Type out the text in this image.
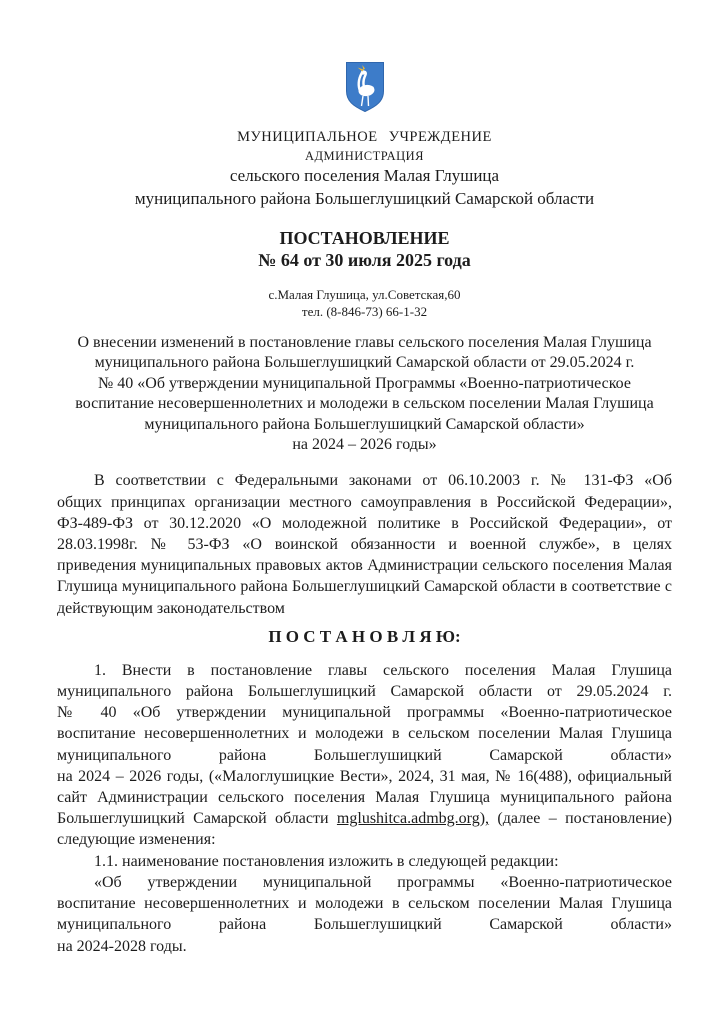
МУНИЦИПАЛЬНОЕ УЧРЕЖДЕНИЕ
АДМИНИСТРАЦИЯ
сельского поселения Малая Глушица
муниципального района Большеглушицкий Самарской области
ПОСТАНОВЛЕНИЕ
№ 64 от 30 июля 2025 года
с.Малая Глушица, ул.Советская,60
тел. (8-846-73) 66-1-32
О внесении изменений в постановление главы сельского поселения Малая Глушица
муниципального района Большеглушицкий Самарской области от 29.05.2024 г.
№ 40 «Об утверждении муниципальной Программы «Военно-патриотическое
воспитание несовершеннолетних и молодежи в сельском поселении Малая Глушица
муниципального района Большеглушицкий Самарской области»
на 2024 – 2026 годы»
В соответствии с Федеральными законами от 06.10.2003 г. № 131-ФЗ «Об
общих принципах организации местного самоуправления в Российской Федерации»,
ФЗ-489-ФЗ от 30.12.2020 «О молодежной политике в Российской Федерации», от
28.03.1998г. № 53-ФЗ «О воинской обязанности и военной службе», в целях
приведения муниципальных правовых актов Администрации сельского поселения Малая
Глушица муниципального района Большеглушицкий Самарской области в соответствие с
действующим законодательством
П О С Т А Н О В Л Я Ю:
1. Внести в постановление главы сельского поселения Малая Глушица
муниципального района Большеглушицкий Самарской области от 29.05.2024 г.
№ 40 «Об утверждении муниципальной программы «Военно-патриотическое
воспитание несовершеннолетних и молодежи в сельском поселении Малая Глушица
муниципального района Большеглушицкий Самарской области»
на 2024 – 2026 годы, («Малоглушицкие Вести», 2024, 31 мая, № 16(488), официальный
сайт Администрации сельского поселения Малая Глушица муниципального района
Большеглушицкий Самарской области mglushitca.admbg.org), (далее – постановление)
следующие изменения:
1.1. наименование постановления изложить в следующей редакции:
«Об утверждении муниципальной программы «Военно-патриотическое
воспитание несовершеннолетних и молодежи в сельском поселении Малая Глушица
муниципального района Большеглушицкий Самарской области»
на 2024-2028 годы.
